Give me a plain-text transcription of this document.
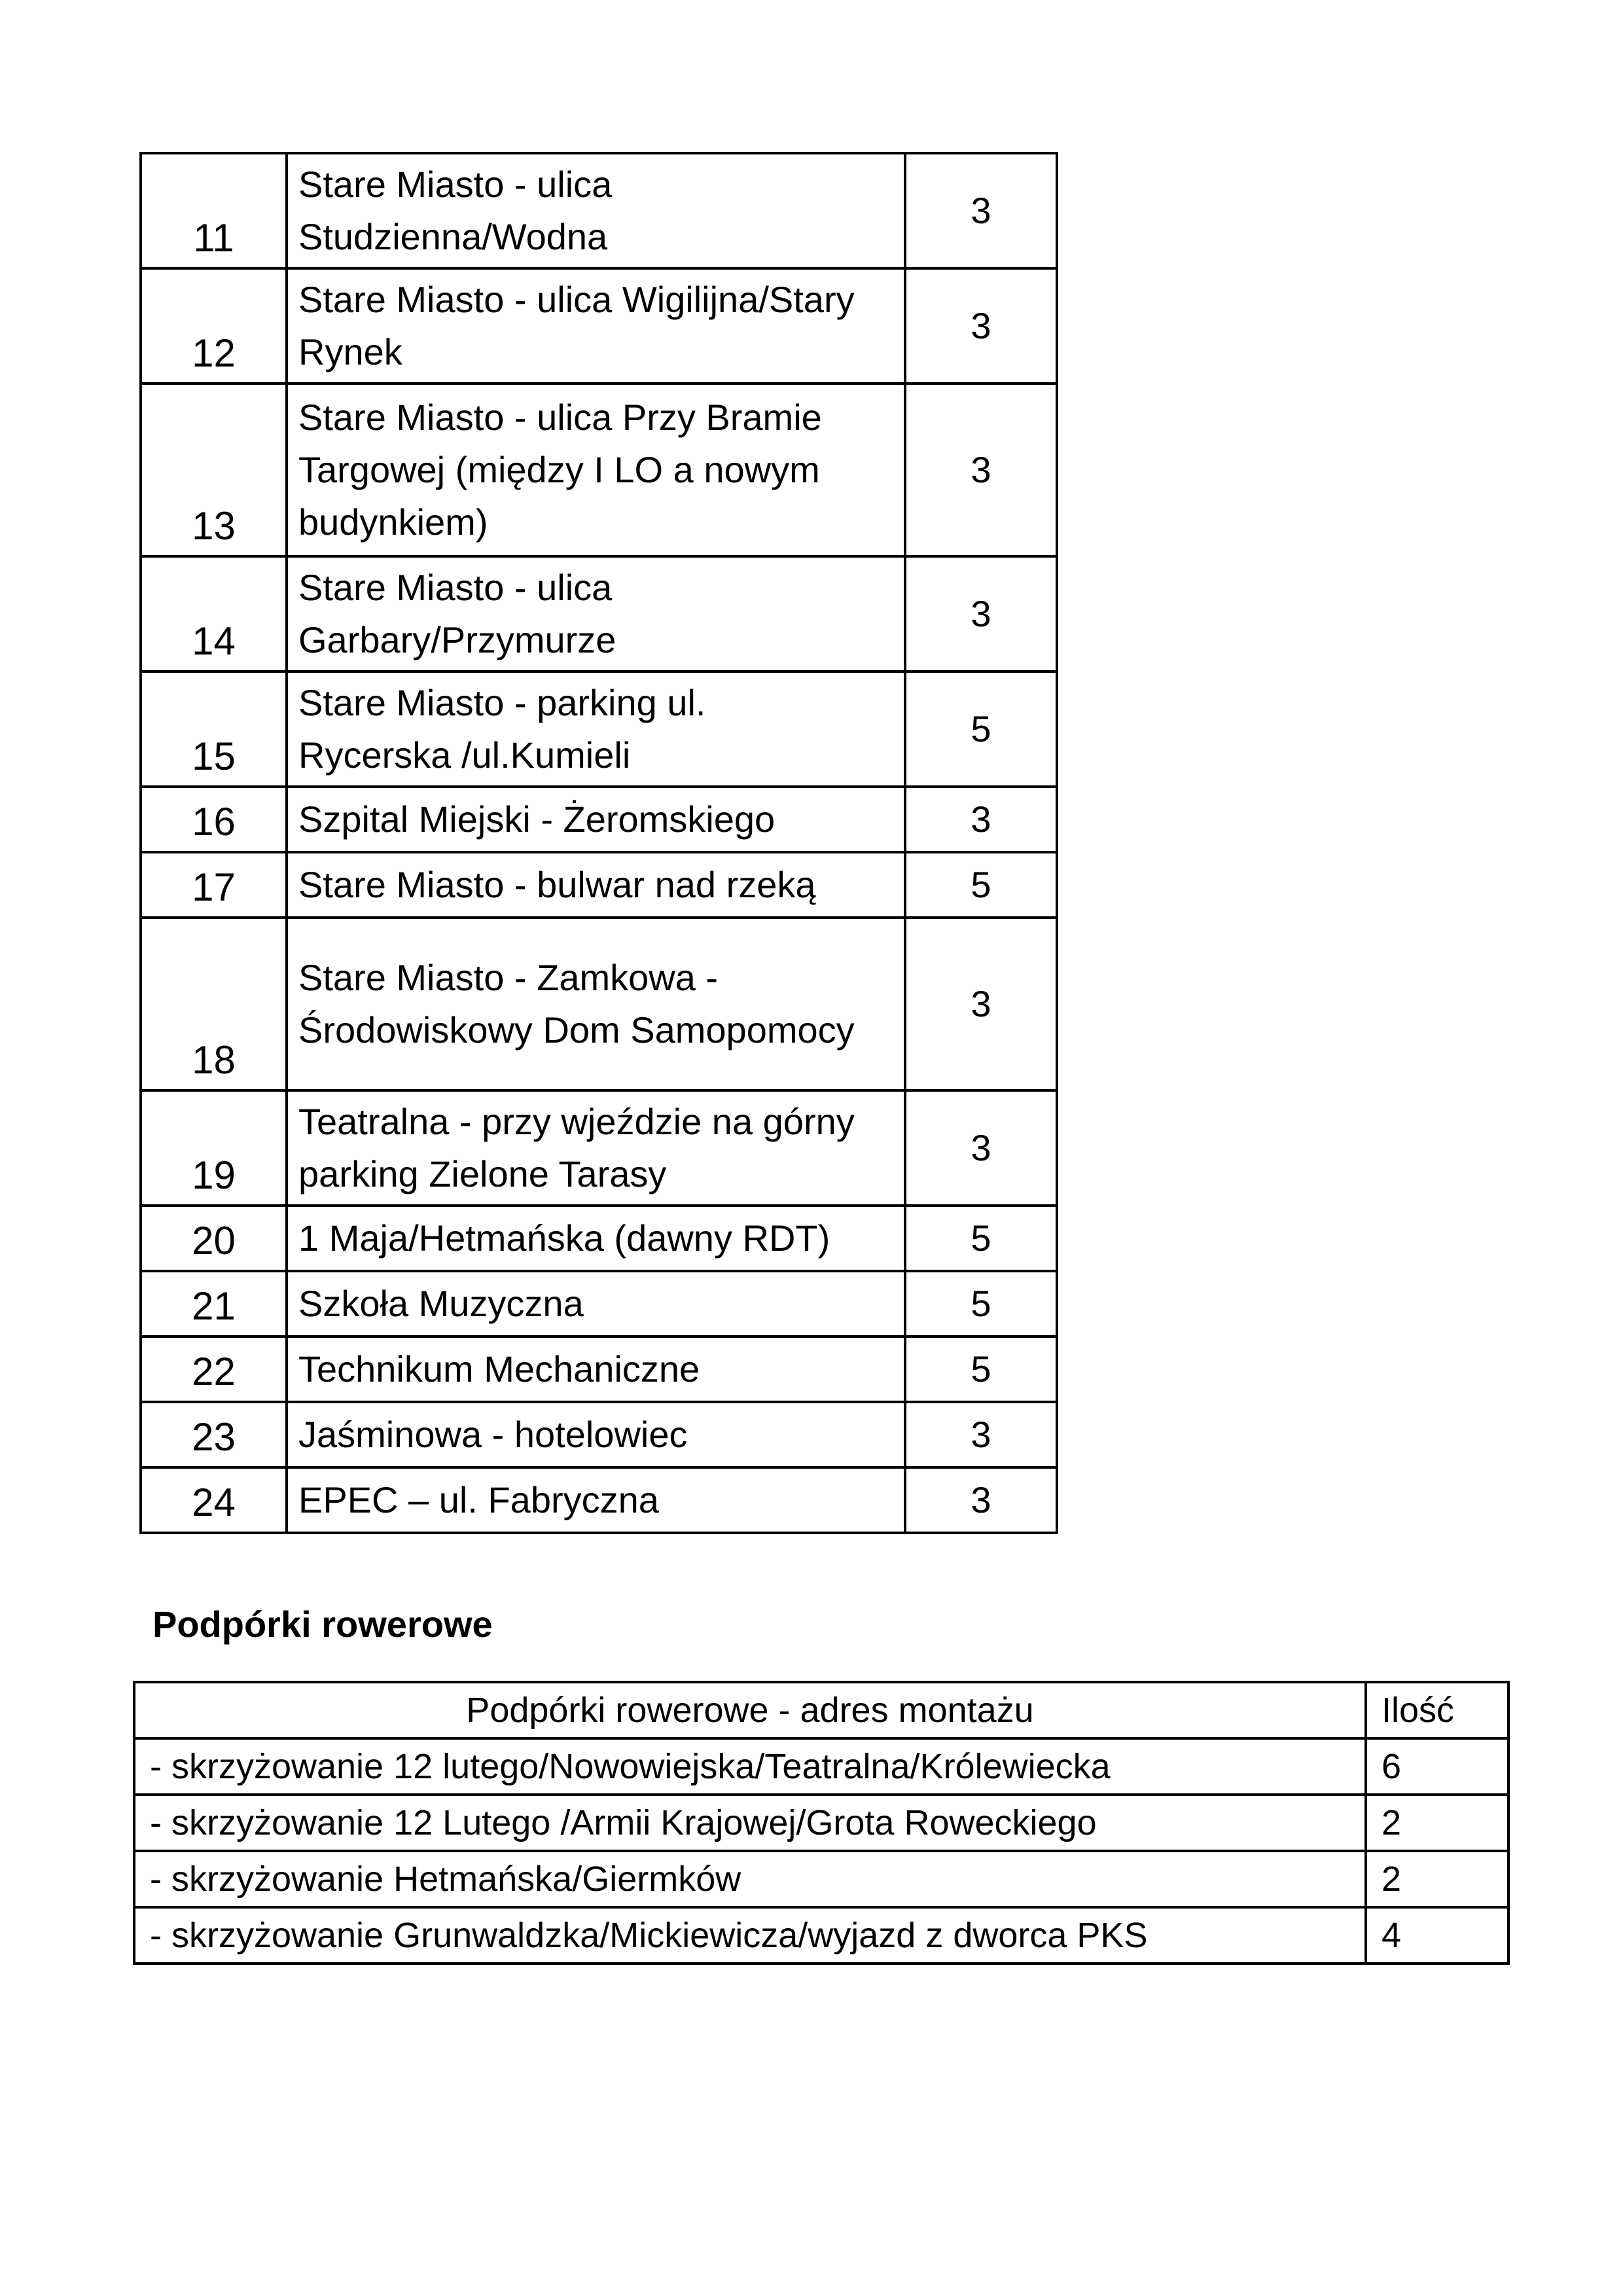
11	Stare Miasto - ulica
Studzienna/Wodna	3
12	Stare Miasto - ulica Wigilijna/Stary
Rynek	3
13	Stare Miasto - ulica Przy Bramie
Targowej (między I LO a nowym
budynkiem)	3
14	Stare Miasto - ulica
Garbary/Przymurze	3
15	Stare Miasto - parking ul.
Rycerska /ul.Kumieli	5
16	Szpital Miejski - Żeromskiego	3
17	Stare Miasto - bulwar nad rzeką	5
18	Stare Miasto - Zamkowa -
Środowiskowy Dom Samopomocy	3
19	Teatralna - przy wjeździe na górny
parking Zielone Tarasy	3
20	1 Maja/Hetmańska (dawny RDT)	5
21	Szkoła Muzyczna	5
22	Technikum Mechaniczne	5
23	Jaśminowa - hotelowiec	3
24	EPEC – ul. Fabryczna	3
Podpórki rowerowe
Podpórki rowerowe - adres montażu	Ilość
- skrzyżowanie 12 lutego/Nowowiejska/Teatralna/Królewiecka	6
- skrzyżowanie 12 Lutego /Armii Krajowej/Grota Roweckiego	2
- skrzyżowanie Hetmańska/Giermków	2
- skrzyżowanie Grunwaldzka/Mickiewicza/wyjazd z dworca PKS	4
